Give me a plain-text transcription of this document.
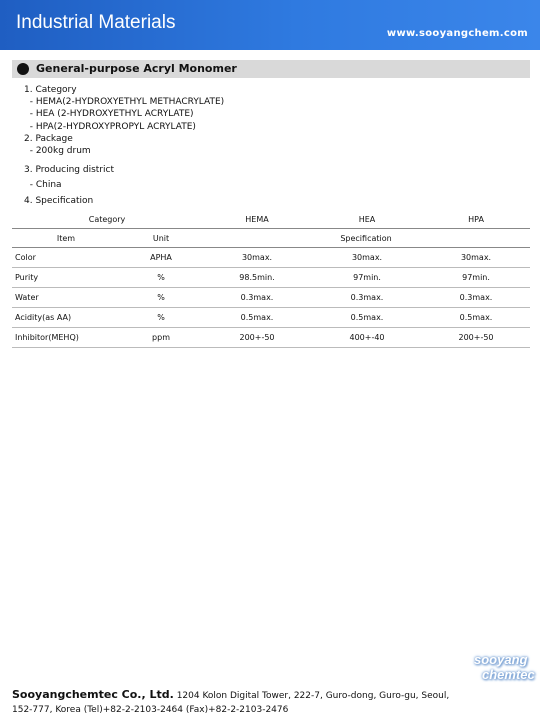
Industrial Materials
www.sooyangchem.com
General-purpose Acryl Monomer
1. Category
- HEMA(2-HYDROXYETHYL METHACRYLATE)
- HEA (2-HYDROXYETHYL ACRYLATE)
- HPA(2-HYDROXYPROPYL ACRYLATE)
2. Package
- 200kg drum
3. Producing district
- China
4. Specification
Category		HEMA	HEA	HPA
Item	Unit	Specification		
Color	APHA	30max.	30max.	30max.
Purity	%	98.5min.	97min.	97min.
Water	%	0.3max.	0.3max.	0.3max.
Acidity(as AA)	%	0.5max.	0.5max.	0.5max.
Inhibitor(MEHQ)	ppm	200+-50	400+-40	200+-50
sooyang
chemtec
Sooyangchemtec Co., Ltd. 1204 Kolon Digital Tower, 222-7, Guro-dong, Guro-gu, Seoul,
152-777, Korea (Tel)+82-2-2103-2464 (Fax)+82-2-2103-2476
